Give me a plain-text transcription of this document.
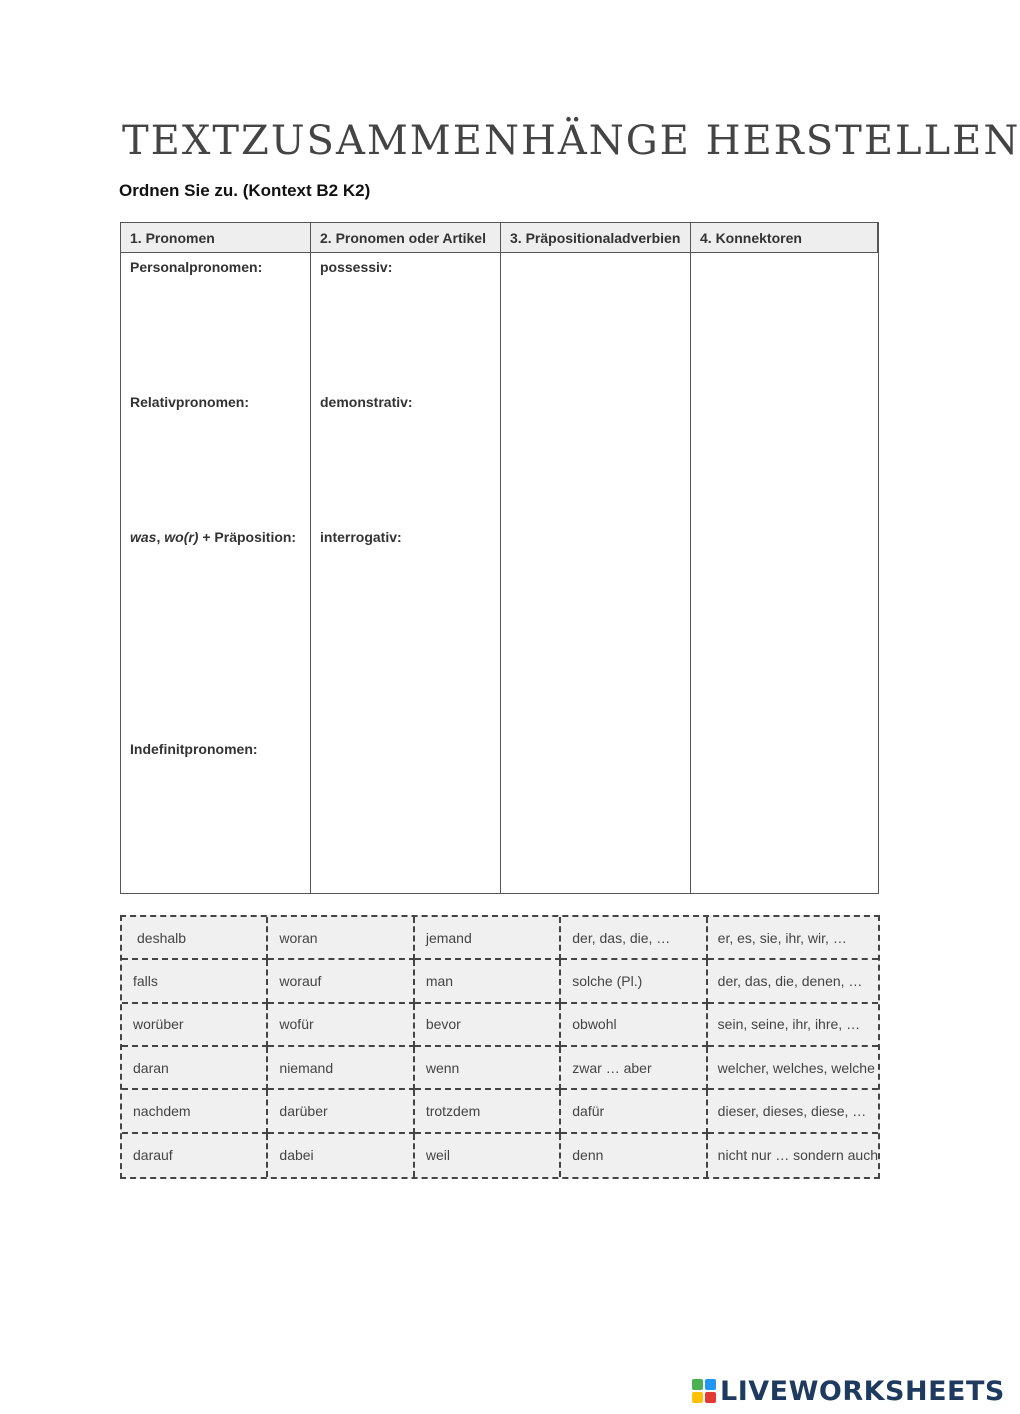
TEXTZUSAMMENHÄNGE HERSTELLEN
Ordnen Sie zu. (Kontext B2 K2)
1. Pronomen	2. Pronomen oder Artikel	3. Präpositionaladverbien	4. Konnektoren
Personalpronomen:
Relativpronomen:
was, wo(r) + Präposition:
Indefinitpronomen:
possessiv:
demonstrativ:
interrogativ:
deshalb	woran	jemand	der, das, die, …	er, es, sie, ihr, wir, …
falls	worauf	man	solche (Pl.)	der, das, die, denen, …
worüber	wofür	bevor	obwohl	sein, seine, ihr, ihre, …
daran	niemand	wenn	zwar … aber	welcher, welches, welche
nachdem	darüber	trotzdem	dafür	dieser, dieses, diese, …
darauf	dabei	weil	denn	nicht nur … sondern auch
LIVEWORKSHEETS
